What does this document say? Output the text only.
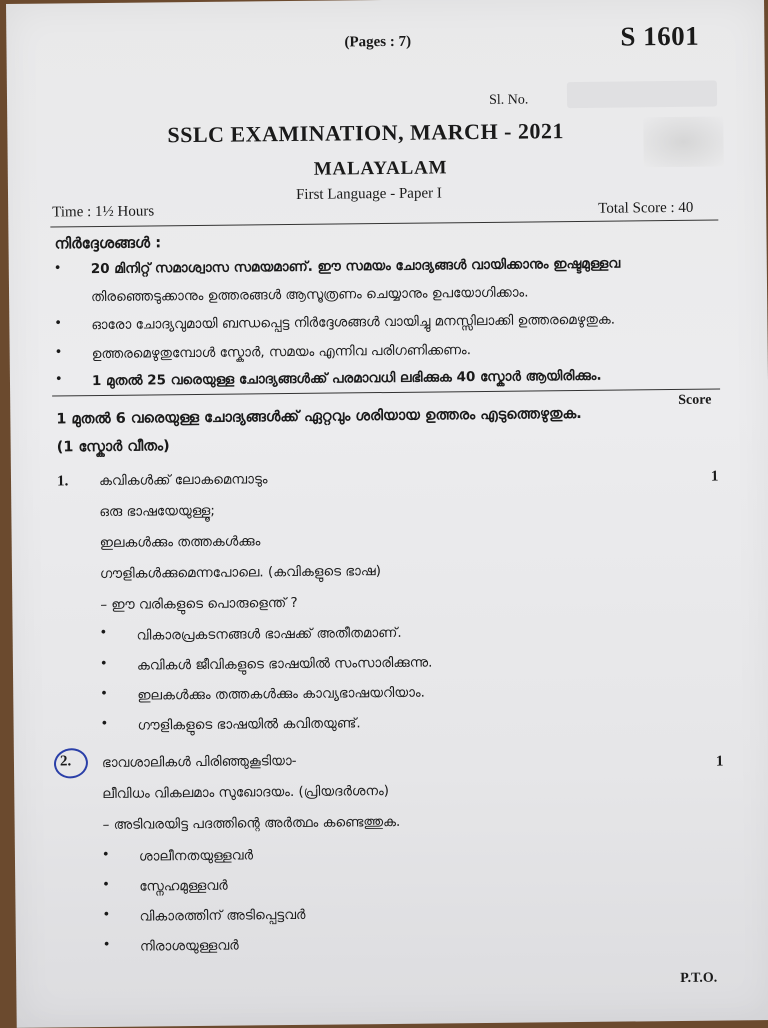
(Pages : 7)	S 1601
Sl. No.
SSLC EXAMINATION, MARCH - 2021
MALAYALAM
First Language - Paper I
Time : 1½ Hours	Total Score : 40
നിർദ്ദേശങ്ങൾ :
• 20 മിനിറ്റ് സമാശ്വാസ സമയമാണ്. ഈ സമയം ചോദ്യങ്ങൾ വായിക്കാനും ഇഷ്ടമുള്ളവ
തിരഞ്ഞെടുക്കാനും ഉത്തരങ്ങൾ ആസൂത്രണം ചെയ്യാനും ഉപയോഗിക്കാം.
• ഓരോ ചോദ്യവുമായി ബന്ധപ്പെട്ട നിർദ്ദേശങ്ങൾ വായിച്ചു മനസ്സിലാക്കി ഉത്തരമെഴുതുക.
• ഉത്തരമെഴുതുമ്പോൾ സ്കോർ, സമയം എന്നിവ പരിഗണിക്കണം.
• 1 മുതൽ 25 വരെയുള്ള ചോദ്യങ്ങൾക്ക് പരമാവധി ലഭിക്കുക 40 സ്കോർ ആയിരിക്കും.
Score
1 മുതൽ 6 വരെയുള്ള ചോദ്യങ്ങൾക്ക് ഏറ്റവും ശരിയായ ഉത്തരം എടുത്തെഴുതുക.
(1 സ്കോർ വീതം)
1.	1
കവികൾക്ക് ലോകമെമ്പാടും
ഒരു ഭാഷയേയുള്ളൂ;
ഇലകൾക്കും തത്തകൾക്കും
ഗൗളികൾക്കുമെന്നപോലെ. (കവികളുടെ ഭാഷ)
– ഈ വരികളുടെ പൊരുളെന്ത് ?
• വികാരപ്രകടനങ്ങൾ ഭാഷക്ക് അതീതമാണ്.
• കവികൾ ജീവികളുടെ ഭാഷയിൽ സംസാരിക്കുന്നു.
• ഇലകൾക്കും തത്തകൾക്കും കാവ്യഭാഷയറിയാം.
• ഗൗളികളുടെ ഭാഷയിൽ കവിതയുണ്ട്.
2.	1
ഭാവശാലികൾ പിരിഞ്ഞുകൂടിയാ-
ലീവിധം വികലമാം സുഖോദയം. (പ്രിയദർശനം)
– അടിവരയിട്ട പദത്തിന്റെ അർത്ഥം കണ്ടെത്തുക.
• ശാലീനതയുള്ളവർ
• സ്നേഹമുള്ളവർ
• വികാരത്തിന് അടിപ്പെട്ടവർ
• നിരാശയുള്ളവർ
P.T.O.
